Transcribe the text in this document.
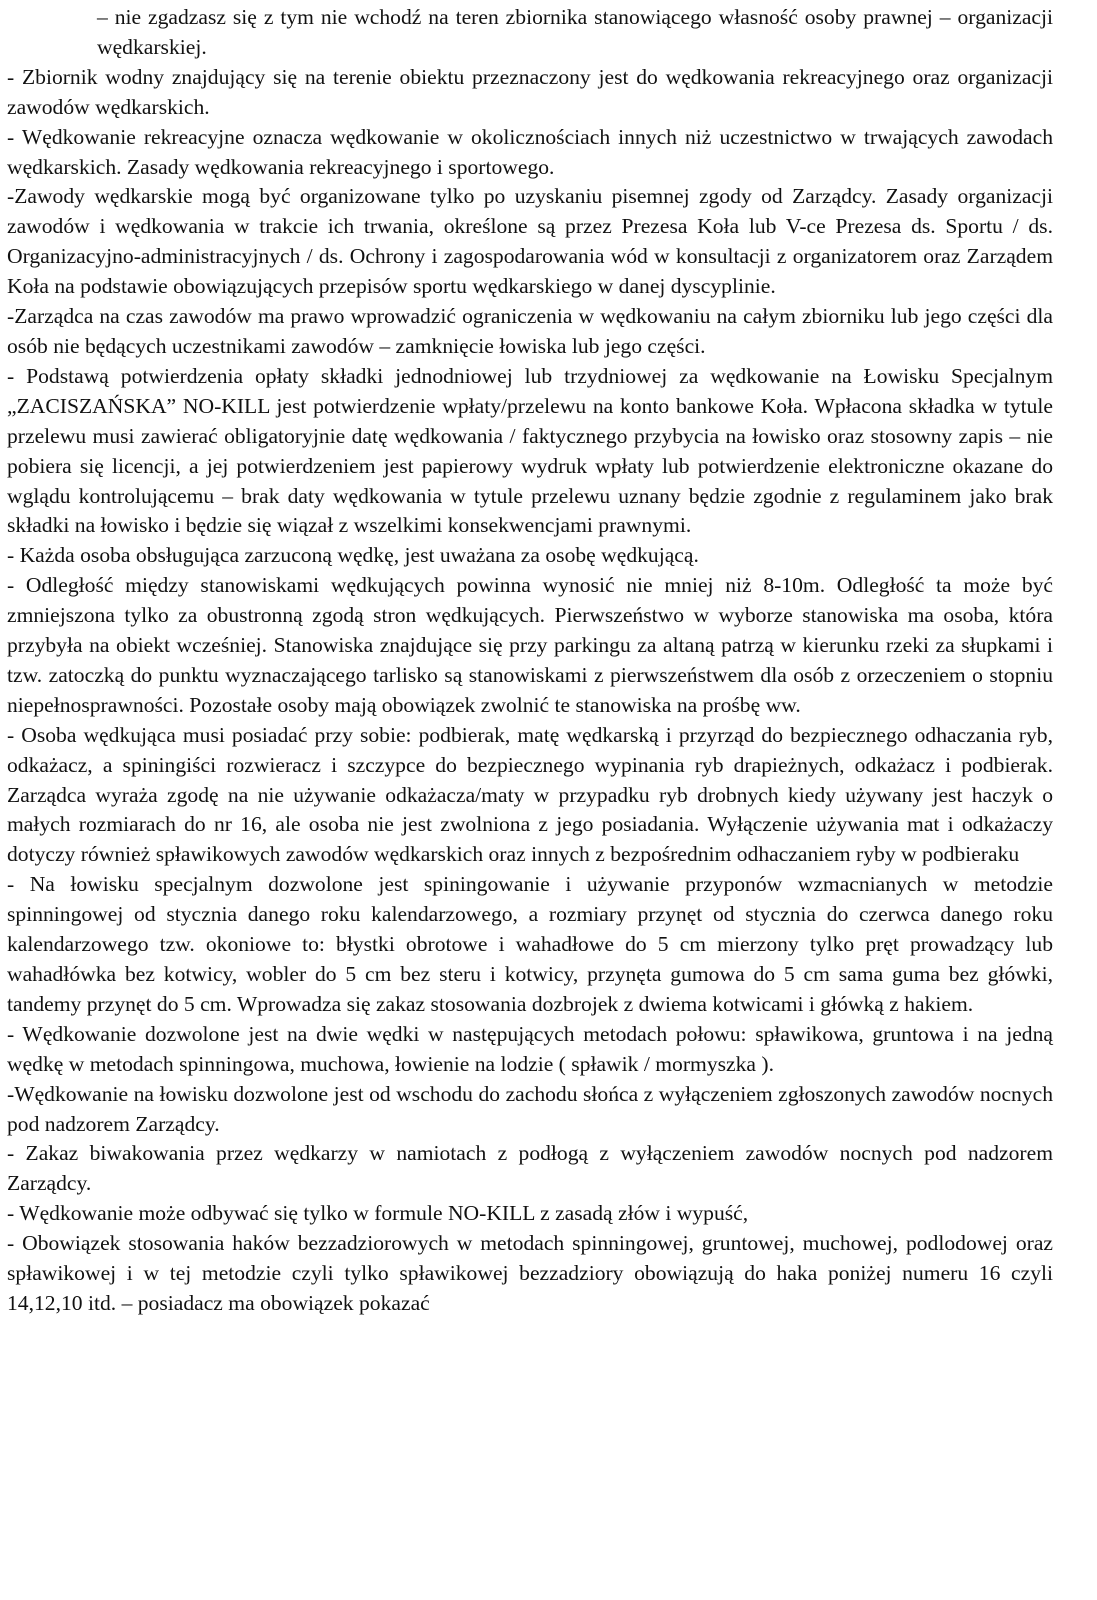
– nie zgadzasz się z tym nie wchodź na teren zbiornika stanowiącego własność osoby prawnej – organizacji wędkarskiej.

- Zbiornik wodny znajdujący się na terenie obiektu przeznaczony jest do wędkowania rekreacyjnego oraz organizacji zawodów wędkarskich.

- Wędkowanie rekreacyjne oznacza wędkowanie w okolicznościach innych niż uczestnictwo w trwających zawodach wędkarskich. Zasady wędkowania rekreacyjnego i sportowego.

-Zawody wędkarskie mogą być organizowane tylko po uzyskaniu pisemnej zgody od Zarządcy. Zasady organizacji zawodów i wędkowania w trakcie ich trwania, określone są przez Prezesa Koła lub V-ce Prezesa ds. Sportu / ds. Organizacyjno-administracyjnych / ds. Ochrony i zagospodarowania wód w konsultacji z organizatorem oraz Zarządem Koła na podstawie obowiązujących przepisów sportu wędkarskiego w danej dyscyplinie.

-Zarządca na czas zawodów ma prawo wprowadzić ograniczenia w wędkowaniu na całym zbiorniku lub jego części dla osób nie będących uczestnikami zawodów – zamknięcie łowiska lub jego części.

- Podstawą potwierdzenia opłaty składki jednodniowej lub trzydniowej za wędkowanie na Łowisku Specjalnym „ZACISZAŃSKA” NO-KILL jest potwierdzenie wpłaty/przelewu na konto bankowe Koła. Wpłacona składka w tytule przelewu musi zawierać obligatoryjnie datę wędkowania / faktycznego przybycia na łowisko oraz stosowny zapis – nie pobiera się licencji, a jej potwierdzeniem jest papierowy wydruk wpłaty lub potwierdzenie elektroniczne okazane do wglądu kontrolującemu – brak daty wędkowania w tytule przelewu uznany będzie zgodnie z regulaminem jako brak składki na łowisko i będzie się wiązał z wszelkimi konsekwencjami prawnymi.

- Każda osoba obsługująca zarzuconą wędkę, jest uważana za osobę wędkującą.

- Odległość między stanowiskami wędkujących powinna wynosić nie mniej niż 8-10m. Odległość ta może być zmniejszona tylko za obustronną zgodą stron wędkujących. Pierwszeństwo w wyborze stanowiska ma osoba, która przybyła na obiekt wcześniej. Stanowiska znajdujące się przy parkingu za altaną patrzą w kierunku rzeki za słupkami i tzw. zatoczką do punktu wyznaczającego tarlisko są stanowiskami z pierwszeństwem dla osób z orzeczeniem o stopniu niepełnosprawności. Pozostałe osoby mają obowiązek zwolnić te stanowiska na prośbę ww.

- Osoba wędkująca musi posiadać przy sobie: podbierak, matę wędkarską i przyrząd do bezpiecznego odhaczania ryb, odkażacz, a spiningiści rozwieracz i szczypce do bezpiecznego wypinania ryb drapieżnych, odkażacz i podbierak. Zarządca wyraża zgodę na nie używanie odkażacza/maty w przypadku ryb drobnych kiedy używany jest haczyk o małych rozmiarach do nr 16, ale osoba nie jest zwolniona z jego posiadania. Wyłączenie używania mat i odkażaczy dotyczy również spławikowych zawodów wędkarskich oraz innych z bezpośrednim odhaczaniem ryby w podbieraku

- Na łowisku specjalnym dozwolone jest spiningowanie i używanie przyponów wzmacnianych w metodzie spinningowej od stycznia danego roku kalendarzowego, a rozmiary przynęt od stycznia do czerwca danego roku kalendarzowego tzw. okoniowe to: błystki obrotowe i wahadłowe do 5 cm mierzony tylko pręt prowadzący lub wahadłówka bez kotwicy, wobler do 5 cm bez steru i kotwicy, przynęta gumowa do 5 cm sama guma bez główki, tandemy przynęt do 5 cm. Wprowadza się zakaz stosowania dozbrojek z dwiema kotwicami i główką z hakiem.

- Wędkowanie dozwolone jest na dwie wędki w następujących metodach połowu: spławikowa, gruntowa i na jedną wędkę w metodach spinningowa, muchowa, łowienie na lodzie ( spławik / mormyszka ).

-Wędkowanie na łowisku dozwolone jest od wschodu do zachodu słońca z wyłączeniem zgłoszonych zawodów nocnych pod nadzorem Zarządcy.

- Zakaz biwakowania przez wędkarzy w namiotach z podłogą z wyłączeniem zawodów nocnych pod nadzorem Zarządcy.

- Wędkowanie może odbywać się tylko w formule NO-KILL z zasadą złów i wypuść,

- Obowiązek stosowania haków bezzadziorowych w metodach spinningowej, gruntowej, muchowej, podlodowej oraz spławikowej i w tej metodzie czyli tylko spławikowej bezzadziory obowiązują do haka poniżej numeru 16 czyli 14,12,10 itd. – posiadacz ma obowiązek pokazać
